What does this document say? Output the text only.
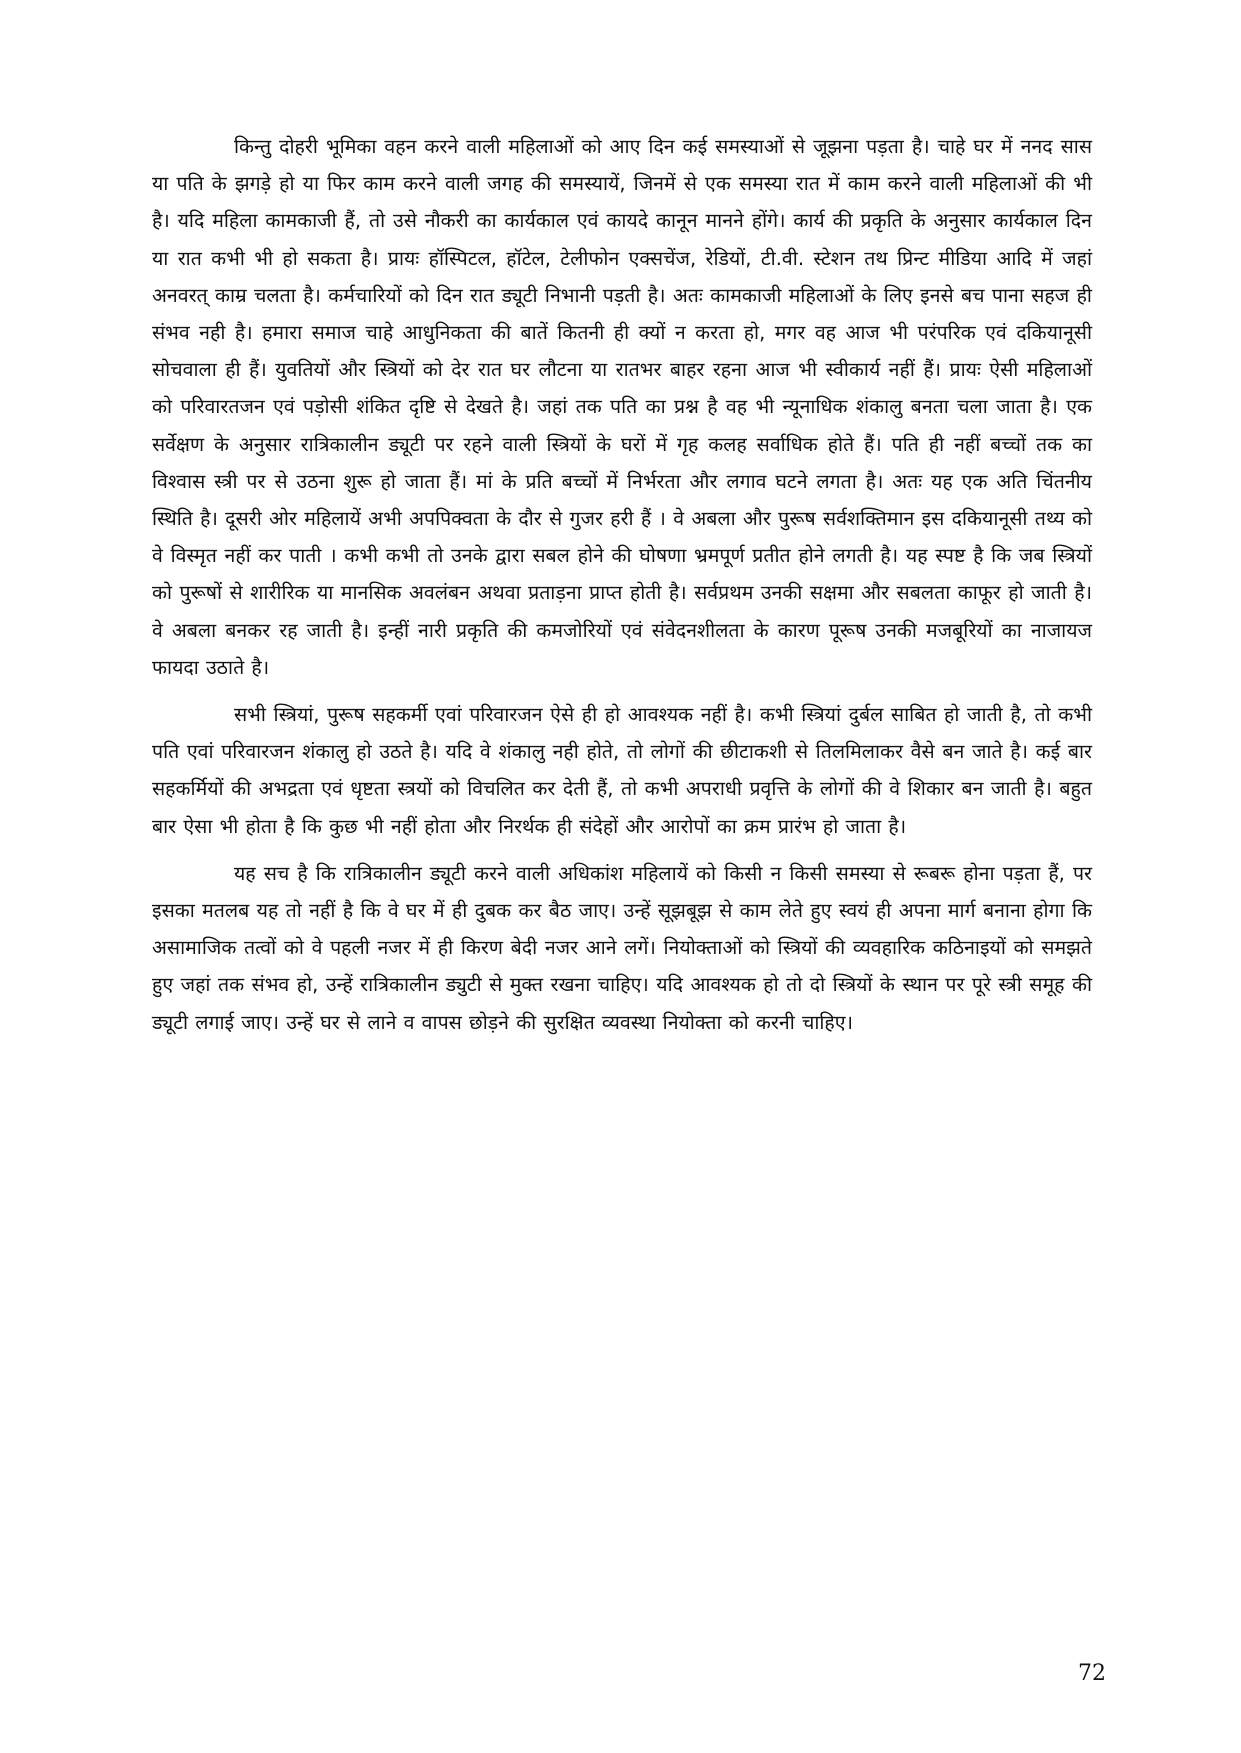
किन्तु दोहरी भूमिका वहन करने वाली महिलाओं को आए दिन कई समस्याओं से जूझना पड़ता है। चाहे घर में ननद सास या पति के झगड़े हो या फिर काम करने वाली जगह की समस्यायें, जिनमें से एक समस्या रात में काम करने वाली महिलाओं की भी है। यदि महिला कामकाजी हैं, तो उसे नौकरी का कार्यकाल एवं कायदे कानून मानने होंगे। कार्य की प्रकृति के अनुसार कार्यकाल दिन या रात कभी भी हो सकता है। प्रायः हॉस्पिटल, हॉटेल, टेलीफोन एक्सचेंज, रेडियों, टी.वी. स्टेशन तथ प्रिन्ट मीडिया आदि में जहां अनवरत् काम्र चलता है। कर्मचारियों को दिन रात ड्यूटी निभानी पड़ती है। अतः कामकाजी महिलाओं के लिए इनसे बच पाना सहज ही संभव नही है। हमारा समाज चाहे आधुनिकता की बातें कितनी ही क्यों न करता हो, मगर वह आज भी परंपरिक एवं दकियानूसी सोचवाला ही हैं। युवतियों और स्त्रियों को देर रात घर लौटना या रातभर बाहर रहना आज भी स्वीकार्य नहीं हैं। प्रायः ऐसी महिलाओं को परिवारतजन एवं पड़ोसी शंकित दृष्टि से देखते है। जहां तक पति का प्रश्न है वह भी न्यूनाधिक शंकालु बनता चला जाता है। एक सर्वेक्षण के अनुसार रात्रिकालीन ड्यूटी पर रहने वाली स्त्रियों के घरों में गृह कलह सर्वाधिक होते हैं। पति ही नहीं बच्चों तक का विश्वास स्त्री पर से उठना शुरू हो जाता हैं। मां के प्रति बच्चों में निर्भरता और लगाव घटने लगता है। अतः यह एक अति चिंतनीय स्थिति है। दूसरी ओर महिलायें अभी अपपिक्वता के दौर से गुजर हरी हैं । वे अबला और पुरूष सर्वशक्तिमान इस दकियानूसी तथ्य को वे विस्मृत नहीं कर पाती । कभी कभी तो उनके द्वारा सबल होने की घोषणा भ्रमपूर्ण प्रतीत होने लगती है। यह स्पष्ट है कि जब स्त्रियों को पुरूषों से शारीरिक या मानसिक अवलंबन अथवा प्रताड़ना प्राप्त होती है। सर्वप्रथम उनकी सक्षमा और सबलता काफूर हो जाती है। वे अबला बनकर रह जाती है। इन्हीं नारी प्रकृति की कमजोरियों एवं संवेदनशीलता के कारण पूरूष उनकी मजबूरियों का नाजायज फायदा उठाते है।

सभी स्त्रियां, पुरूष सहकर्मी एवां परिवारजन ऐसे ही हो आवश्यक नहीं है। कभी स्त्रियां दुर्बल साबित हो जाती है, तो कभी पति एवां परिवारजन शंकालु हो उठते है। यदि वे शंकालु नही होते, तो लोगों की छीटाकशी से तिलमिलाकर वैसे बन जाते है। कई बार सहकर्मियों की अभद्रता एवं धृष्टता स्त्रयों को विचलित कर देती हैं, तो कभी अपराधी प्रवृत्ति के लोगों की वे शिकार बन जाती है। बहुत बार ऐसा भी होता है कि कुछ भी नहीं होता और निरर्थक ही संदेहों और आरोपों का क्रम प्रारंभ हो जाता है।

यह सच है कि रात्रिकालीन ड्यूटी करने वाली अधिकांश महिलायें को किसी न किसी समस्या से रूबरू होना पड़ता हैं, पर इसका मतलब यह तो नहीं है कि वे घर में ही दुबक कर बैठ जाए। उन्हें सूझबूझ से काम लेते हुए स्वयं ही अपना मार्ग बनाना होगा कि असामाजिक तत्वों को वे पहली नजर में ही किरण बेदी नजर आने लगें। नियोक्ताओं को स्त्रियों की व्यवहारिक कठिनाइयों को समझते हुए जहां तक संभव हो, उन्हें रात्रिकालीन ड्युटी से मुक्त रखना चाहिए। यदि आवश्यक हो तो दो स्त्रियों के स्थान पर पूरे स्त्री समूह की ड्यूटी लगाई जाए। उन्हें घर से लाने व वापस छोड़ने की सुरक्षित व्यवस्था नियोक्ता को करनी चाहिए।

72
